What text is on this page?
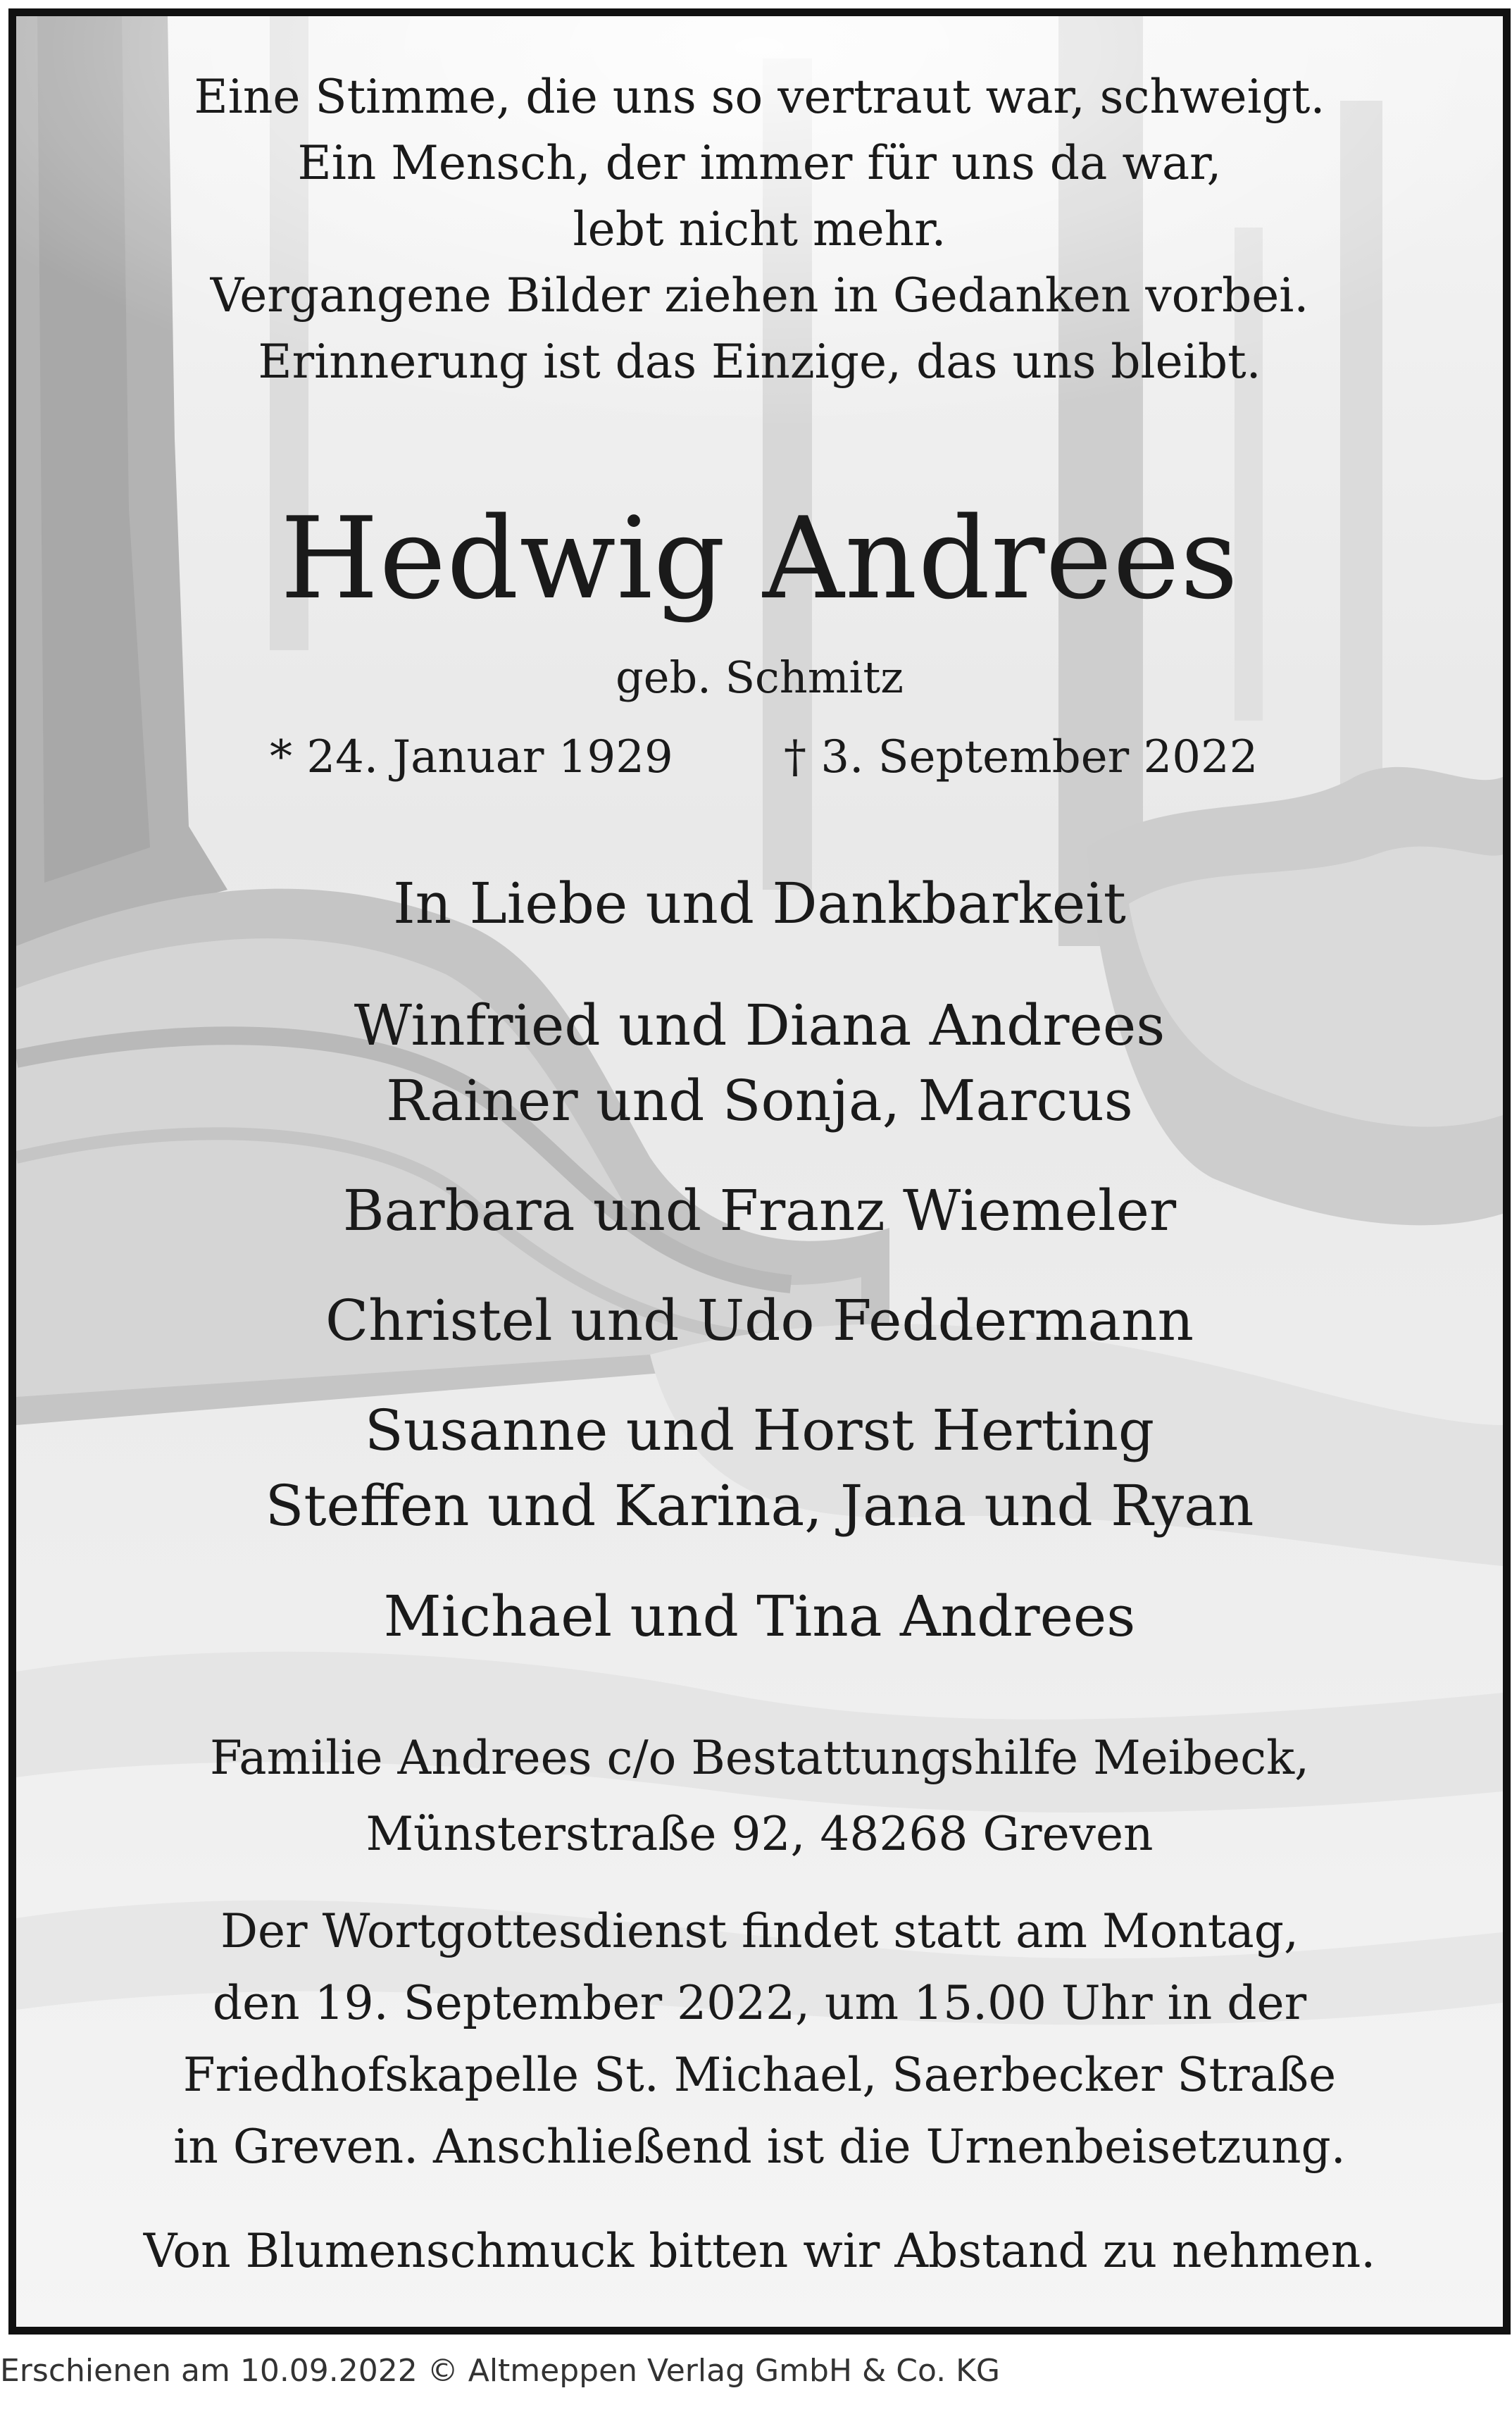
Eine Stimme, die uns so vertraut war, schweigt.
Ein Mensch, der immer für uns da war,
lebt nicht mehr.
Vergangene Bilder ziehen in Gedanken vorbei.
Erinnerung ist das Einzige, das uns bleibt.
Hedwig Andrees
geb. Schmitz
* 24. Januar 1929 † 3. September 2022
In Liebe und Dankbarkeit
Winfried und Diana Andrees
Rainer und Sonja, Marcus
Barbara und Franz Wiemeler
Christel und Udo Feddermann
Susanne und Horst Herting
Steffen und Karina, Jana und Ryan
Michael und Tina Andrees
Familie Andrees c/o Bestattungshilfe Meibeck,
Münsterstraße 92, 48268 Greven
Der Wortgottesdienst findet statt am Montag,
den 19. September 2022, um 15.00 Uhr in der
Friedhofskapelle St. Michael, Saerbecker Straße
in Greven. Anschließend ist die Urnenbeisetzung.
Von Blumenschmuck bitten wir Abstand zu nehmen.
Erschienen am 10.09.2022 © Altmeppen Verlag GmbH & Co. KG
